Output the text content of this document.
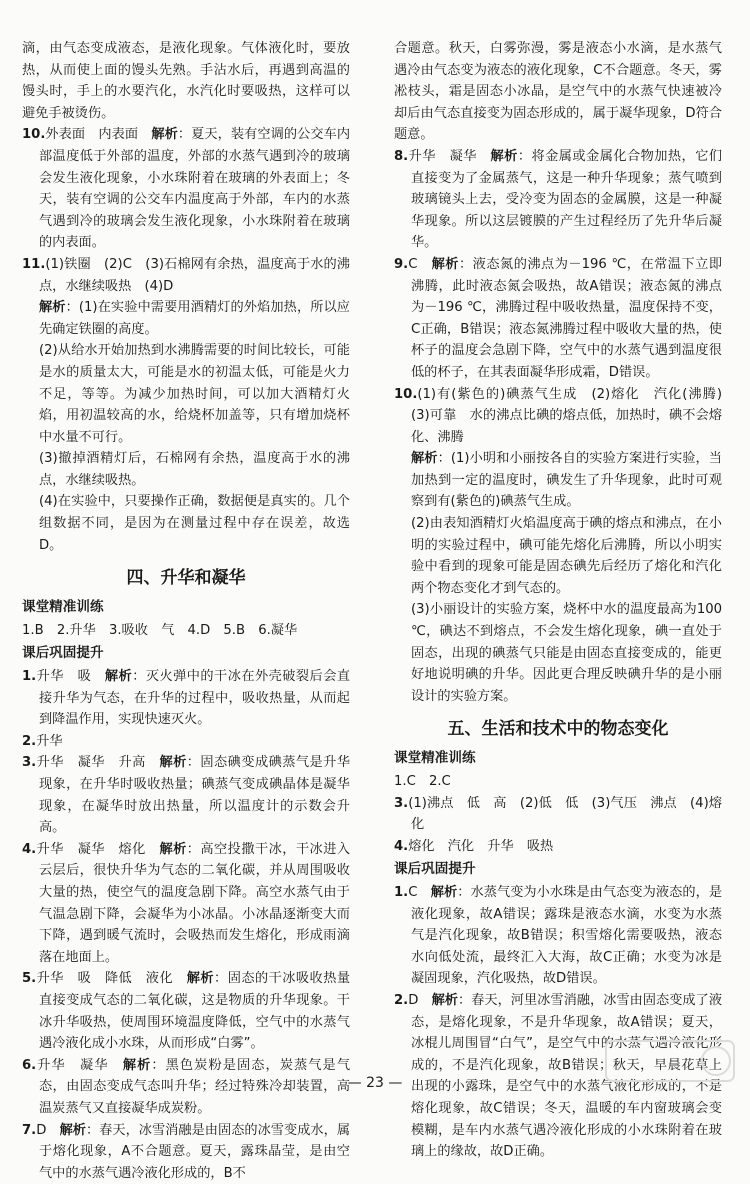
滴，由气态变成液态，是液化现象。气体液化时，要放热，从而使上面的馒头先熟。手沾水后，再遇到高温的馒头时，手上的水要汽化，水汽化时要吸热，这样可以避免手被烫伤。

10.外表面　内表面　 解析：夏天，装有空调的公交车内部温度低于外部的温度，外部的水蒸气遇到冷的玻璃会发生液化现象，小水珠附着在玻璃的外表面上；冬天，装有空调的公交车内温度高于外部，车内的水蒸气遇到冷的玻璃会发生液化现象，小水珠附着在玻璃的内表面。

11.(1)铁圈　(2)C　(3)石棉网有余热，温度高于水的沸点，水继续吸热　(4)D

解析：(1)在实验中需要用酒精灯的外焰加热，所以应先确定铁圈的高度。

(2)从给水开始加热到水沸腾需要的时间比较长，可能是水的质量太大，可能是水的初温太低，可能是火力不足，等等。为减少加热时间，可以加大酒精灯火焰，用初温较高的水，给烧杯加盖等，只有增加烧杯中水量不可行。

(3)撤掉酒精灯后，石棉网有余热，温度高于水的沸点，水继续吸热。

(4)在实验中，只要操作正确，数据便是真实的。几个组数据不同，是因为在测量过程中存在误差，故选D。

四、升华和凝华
课堂精准训练

1.B　2.升华　3.吸收　气　4.D　5.B　6.凝华

课后巩固提升

1.升华　吸　 解析：灭火弹中的干冰在外壳破裂后会直接升华为气态，在升华的过程中，吸收热量，从而起到降温作用，实现快速灭火。

2.升华　

3.升华　凝华　升高　 解析：固态碘变成碘蒸气是升华现象，在升华时吸收热量；碘蒸气变成碘晶体是凝华现象，在凝华时放出热量，所以温度计的示数会升高。

4.升华　凝华　熔化　 解析：高空投撒干冰，干冰进入云层后，很快升华为气态的二氧化碳，并从周围吸收大量的热，使空气的温度急剧下降。高空水蒸气由于气温急剧下降，会凝华为小冰晶。小冰晶逐渐变大而下降，遇到暖气流时，会吸热而发生熔化，形成雨滴落在地面上。

5.升华　吸　降低　液化　 解析：固态的干冰吸收热量直接变成气态的二氧化碳，这是物质的升华现象。干冰升华吸热，使周围环境温度降低，空气中的水蒸气遇冷液化成小水珠，从而形成“白雾”。

6.升华　凝华　 解析：黑色炭粉是固态，炭蒸气是气态，由固态变成气态叫升华；经过特殊冷却装置，高温炭蒸气又直接凝华成炭粉。

7.D　 解析：春天，冰雪消融是由固态的冰雪变成水，属于熔化现象，A不合题意。夏天，露珠晶莹，是由空气中的水蒸气遇冷液化形成的，B不

合题意。秋天，白雾弥漫，雾是液态小水滴，是水蒸气遇冷由气态变为液态的液化现象，C不合题意。冬天，雾凇枝头，霜是固态小冰晶，是空气中的水蒸气快速被冷却后由气态直接变为固态形成的，属于凝华现象，D符合题意。

8.升华　凝华　 解析：将金属或金属化合物加热，它们直接变为了金属蒸气，这是一种升华现象；蒸气喷到玻璃镜头上去，受冷变为固态的金属膜，这是一种凝华现象。所以这层镀膜的产生过程经历了先升华后凝华。

9.C　 解析：液态氮的沸点为－196 ℃，在常温下立即沸腾，此时液态氮会吸热，故A错误；液态氮的沸点为－196 ℃，沸腾过程中吸收热量，温度保持不变，C正确，B错误；液态氮沸腾过程中吸收大量的热，使杯子的温度会急剧下降，空气中的水蒸气遇到温度很低的杯子，在其表面凝华形成霜，D错误。

10.(1)有(紫色的)碘蒸气生成　(2)熔化　汽化(沸腾)　(3)可靠　水的沸点比碘的熔点低，加热时，碘不会熔化、沸腾

解析：(1)小明和小丽按各自的实验方案进行实验，当加热到一定的温度时，碘发生了升华现象，此时可观察到有(紫色的)碘蒸气生成。

(2)由表知酒精灯火焰温度高于碘的熔点和沸点，在小明的实验过程中，碘可能先熔化后沸腾，所以小明实验中看到的现象可能是固态碘先后经历了熔化和汽化两个物态变化才到气态的。

(3)小丽设计的实验方案，烧杯中水的温度最高为100 ℃，碘达不到熔点，不会发生熔化现象，碘一直处于固态，出现的碘蒸气只能是由固态直接变成的，能更好地说明碘的升华。因此更合理反映碘升华的是小丽设计的实验方案。

五、生活和技术中的物态变化
课堂精准训练

1.C　2.C

3.(1)沸点　低　高　(2)低　低　(3)气压　沸点　(4)熔化

4.熔化　汽化　升华　吸热

课后巩固提升

1.C　 解析：水蒸气变为小水珠是由气态变为液态的，是液化现象，故A错误；露珠是液态水滴，水变为水蒸气是汽化现象，故B错误；积雪熔化需要吸热，液态水向低处流，最终汇入大海，故C正确；水变为冰是凝固现象，汽化吸热，故D错误。

2.D　 解析：春天，河里冰雪消融，冰雪由固态变成了液态，是熔化现象，不是升华现象，故A错误；夏天，冰棍儿周围冒“白气”，是空气中的水蒸气遇冷液化形成的，不是汽化现象，故B错误；秋天，早晨花草上出现的小露珠，是空气中的水蒸气液化形成的，不是熔化现象，故C错误；冬天，温暖的车内窗玻璃会变模糊，是车内水蒸气遇冷液化形成的小水珠附着在玻璃上的缘故，故D正确。

— 23 —
